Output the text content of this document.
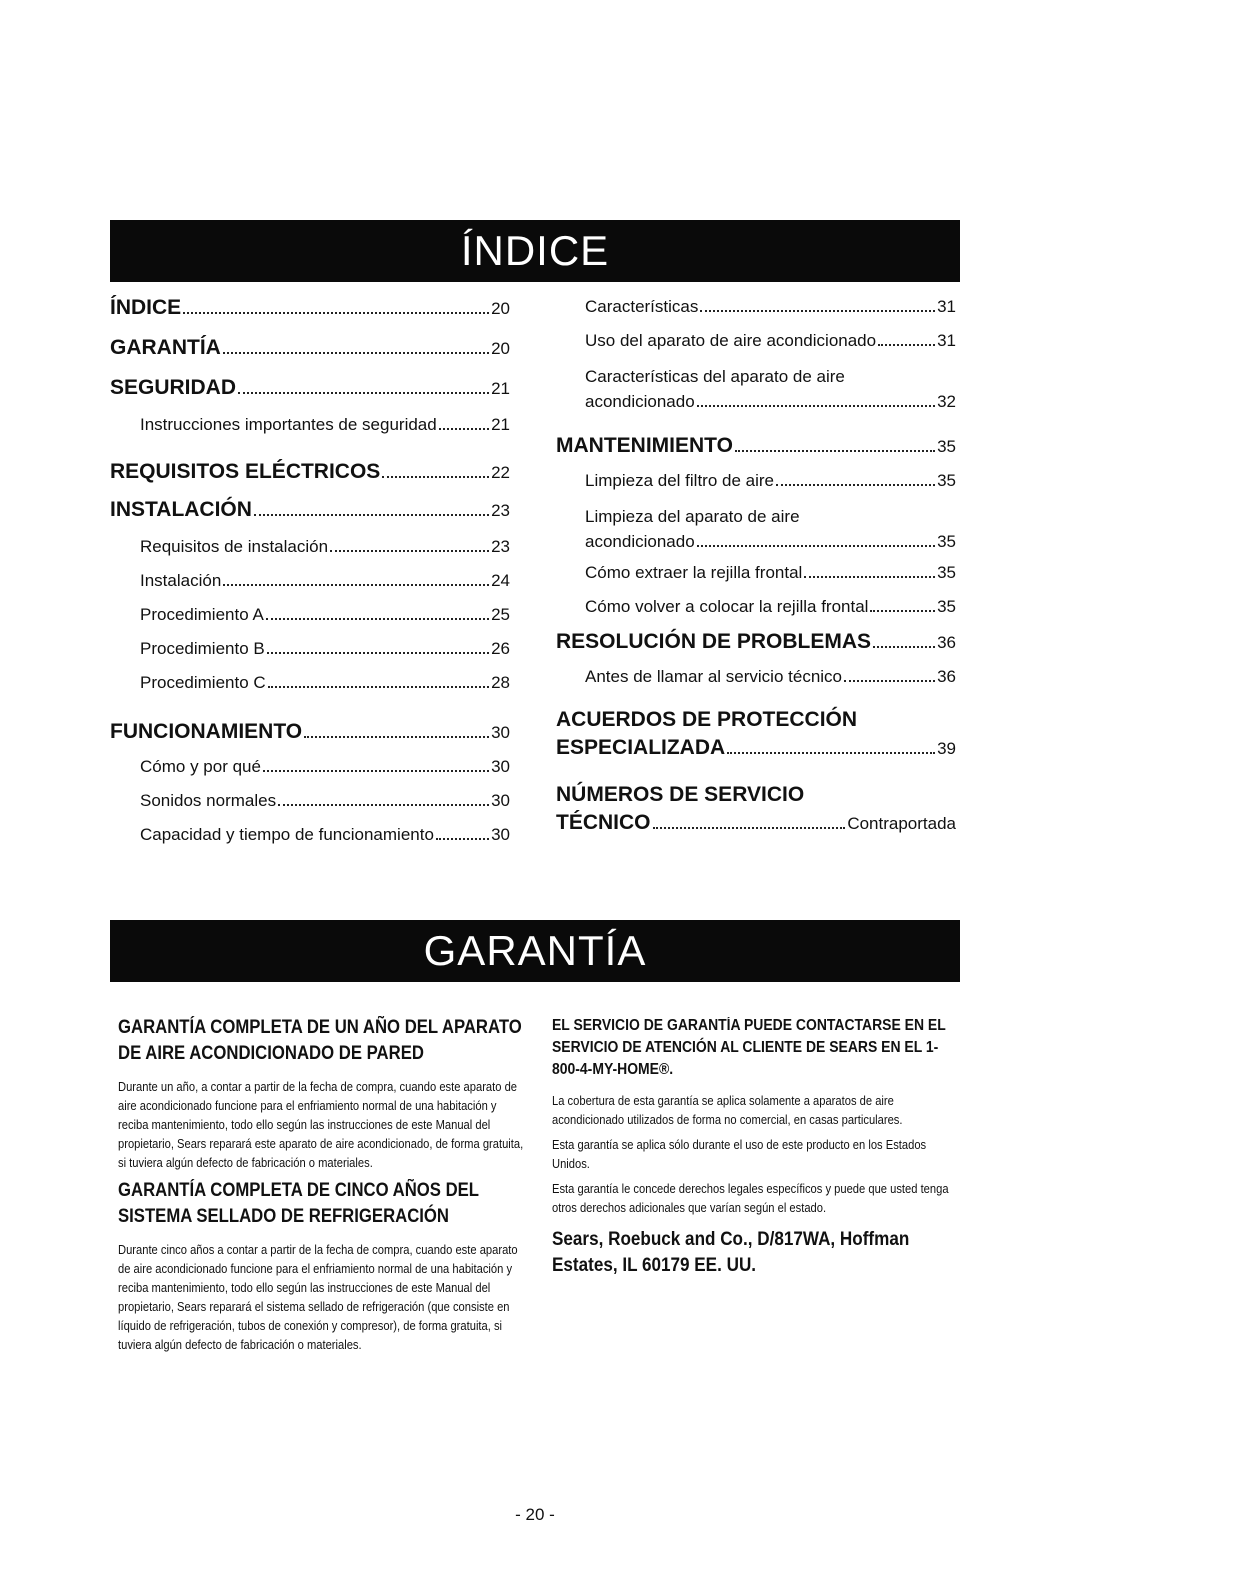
ÍNDICE
ÍNDICE	20
GARANTÍA	20
SEGURIDAD	21
Instrucciones importantes de seguridad	21
REQUISITOS ELÉCTRICOS	22
INSTALACIÓN	23
Requisitos de instalación	23
Instalación	24
Procedimiento A	25
Procedimiento B	26
Procedimiento C	28
FUNCIONAMIENTO	30
Cómo y por qué	30
Sonidos normales	30
Capacidad y tiempo de funcionamiento	30
Características	31
Uso del aparato de aire acondicionado	31
Características del aparato de aire
acondicionado	32
MANTENIMIENTO	35
Limpieza del filtro de aire	35
Limpieza del aparato de aire
acondicionado	35
Cómo extraer la rejilla frontal	35
Cómo volver a colocar la rejilla frontal	35
RESOLUCIÓN DE PROBLEMAS	36
Antes de llamar al servicio técnico	36
ACUERDOS DE PROTECCIÓN
ESPECIALIZADA	39
NÚMEROS DE SERVICIO
TÉCNICO	Contraportada
GARANTÍA
GARANTÍA COMPLETA DE UN AÑO DEL APARATO DE AIRE ACONDICIONADO DE PARED
Durante un año, a contar a partir de la fecha de compra, cuando este aparato de aire acondicionado funcione para el enfriamiento normal de una habitación y reciba mantenimiento, todo ello según las instrucciones de este Manual del propietario, Sears reparará este aparato de aire acondicionado, de forma gratuita, si tuviera algún defecto de fabricación o materiales.
GARANTÍA COMPLETA DE CINCO AÑOS DEL SISTEMA SELLADO DE REFRIGERACIÓN
Durante cinco años a contar a partir de la fecha de compra, cuando este aparato de aire acondicionado funcione para el enfriamiento normal de una habitación y reciba mantenimiento, todo ello según las instrucciones de este Manual del propietario, Sears reparará el sistema sellado de refrigeración (que consiste en líquido de refrigeración, tubos de conexión y compresor), de forma gratuita, si tuviera algún defecto de fabricación o materiales.
EL SERVICIO DE GARANTÍA PUEDE CONTACTARSE EN EL SERVICIO DE ATENCIÓN AL CLIENTE DE SEARS EN EL 1-800-4-MY-HOME®.
La cobertura de esta garantía se aplica solamente a aparatos de aire acondicionado utilizados de forma no comercial, en casas particulares.
Esta garantía se aplica sólo durante el uso de este producto en los Estados Unidos.
Esta garantía le concede derechos legales específicos y puede que usted tenga otros derechos adicionales que varían según el estado.
Sears, Roebuck and Co., D/817WA, Hoffman Estates, IL 60179 EE. UU.
- 20 -
